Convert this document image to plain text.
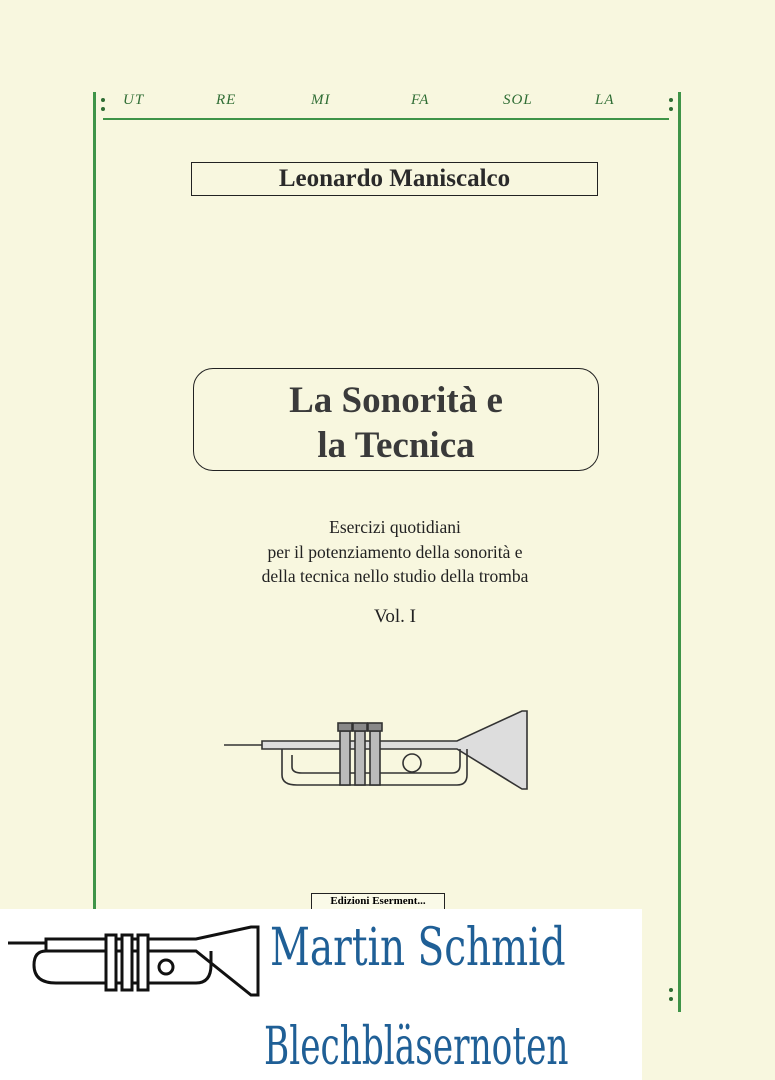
UT	RE	MI	FA	SOL	LA
Leonardo Maniscalco
La Sonorità e
la Tecnica
Esercizi quotidiani
per il potenziamento della sonorità e
della tecnica nello studio della tromba
Vol. I
Edizioni Eserment...
Martin Schmid
Blechbläsernoten
